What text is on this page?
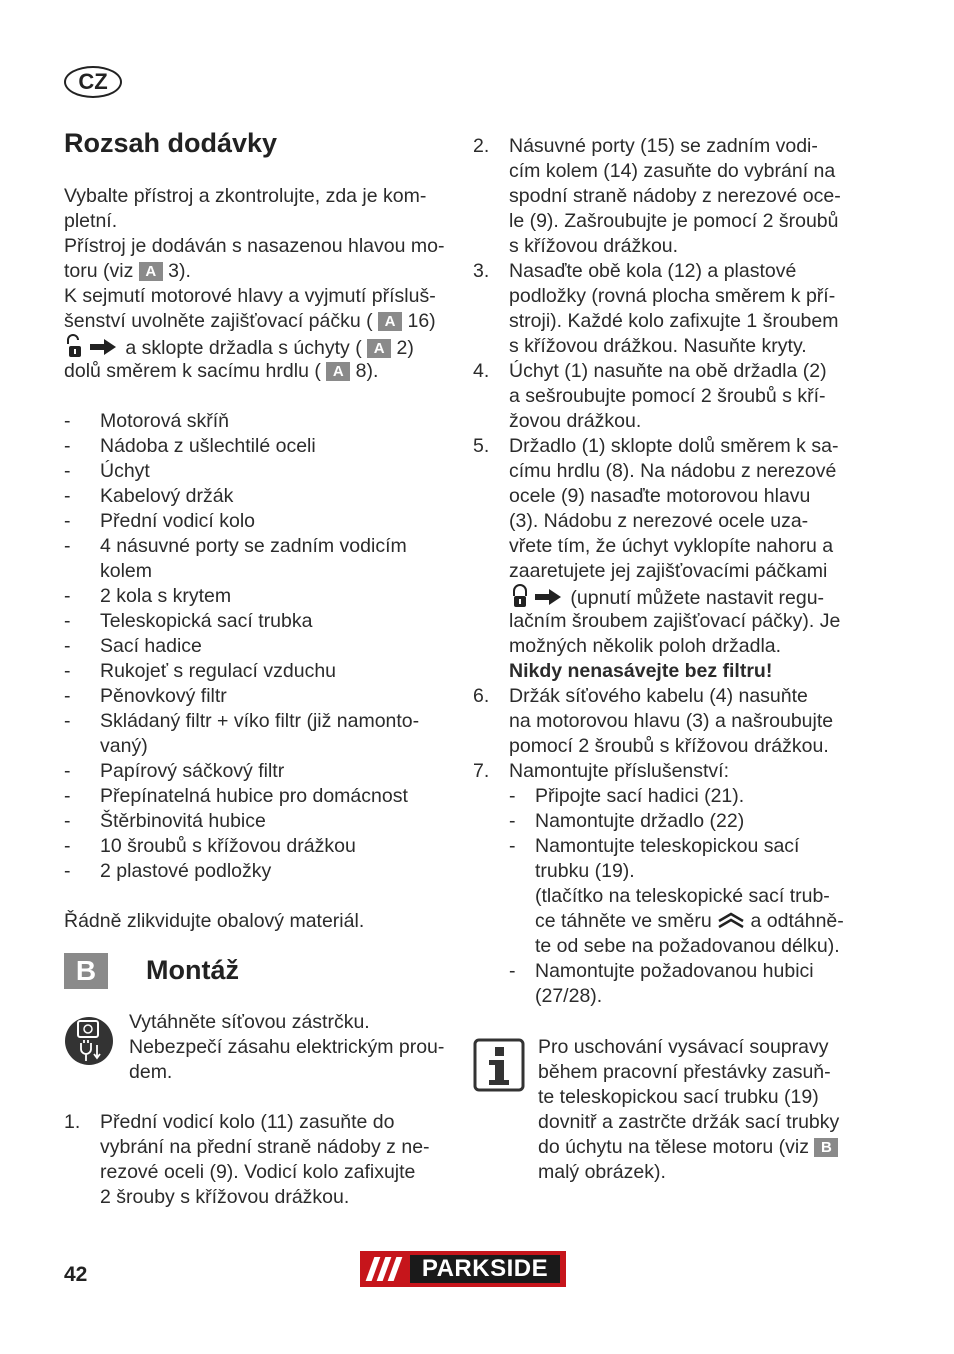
CZ
Rozsah dodávky
Vybalte přístroj a zkontrolujte, zda je kom-
pletní.
Přístroj je dodáván s nasazenou hlavou mo-
toru (viz A 3).
K sejmutí motorové hlavy a vyjmutí přísluš-
šenství uvolněte zajišťovací páčku ( A 16)
a sklopte držadla s úchyty ( A 2)
dolů směrem k sacímu hrdlu ( A 8).
- Motorová skříň
- Nádoba z ušlechtilé oceli
- Úchyt
- Kabelový držák
- Přední vodicí kolo
- 4 násuvné porty se zadním vodicím
kolem
- 2 kola s krytem
- Teleskopická sací trubka
- Sací hadice
- Rukojeť s regulací vzduchu
- Pěnovkový filtr
- Skládaný filtr + víko filtr (již namonto-
vaný)
- Papírový sáčkový filtr
- Přepínatelná hubice pro domácnost
- Štěrbinovitá hubice
- 10 šroubů s křížovou drážkou
- 2 plastové podložky
Řádně zlikvidujte obalový materiál.
B	Montáž
Vytáhněte síťovou zástrčku.
Nebezpečí zásahu elektrickým prou-
dem.
1. Přední vodicí kolo (11) zasuňte do
vybrání na přední straně nádoby z ne-
rezové oceli (9). Vodicí kolo zafixujte
2 šrouby s křížovou drážkou.
2. Násuvné porty (15) se zadním vodi-
cím kolem (14) zasuňte do vybrání na
spodní straně nádoby z nerezové oce-
le (9). Zašroubujte je pomocí 2 šroubů
s křížovou drážkou.
3. Nasaďte obě kola (12) a plastové
podložky (rovná plocha směrem k pří-
stroji). Každé kolo zafixujte 1 šroubem
s křížovou drážkou. Nasuňte kryty.
4. Úchyt (1) nasuňte na obě držadla (2)
a sešroubujte pomocí 2 šroubů s kří-
žovou drážkou.
5. Držadlo (1) sklopte dolů směrem k sa-
címu hrdlu (8). Na nádobu z nerezové
ocele (9) nasaďte motorovou hlavu
(3). Nádobu z nerezové ocele uza-
vřete tím, že úchyt vyklopíte nahoru a
zaaretujete jej zajišťovacími páčkami
(upnutí můžete nastavit regu-
lačním šroubem zajišťovací páčky). Je
možných několik poloh držadla.
Nikdy nenasávejte bez filtru!
6. Držák síťového kabelu (4) nasuňte
na motorovou hlavu (3) a našroubujte
pomocí 2 šroubů s křížovou drážkou.
7. Namontujte příslušenství:
- Připojte sací hadici (21).
- Namontujte držadlo (22)
- Namontujte teleskopickou sací
trubku (19).
(tlačítko na teleskopické sací trub-
ce táhněte ve směru  a odtáhně-
te od sebe na požadovanou délku).
- Namontujte požadovanou hubici
(27/28).
Pro uschování vysávací soupravy
během pracovní přestávky zasuň-
te teleskopickou sací trubku (19)
dovnitř a zastrčte držák sací trubky
do úchytu na tělese motoru (viz B
malý obrázek).
42	PARKSIDE
